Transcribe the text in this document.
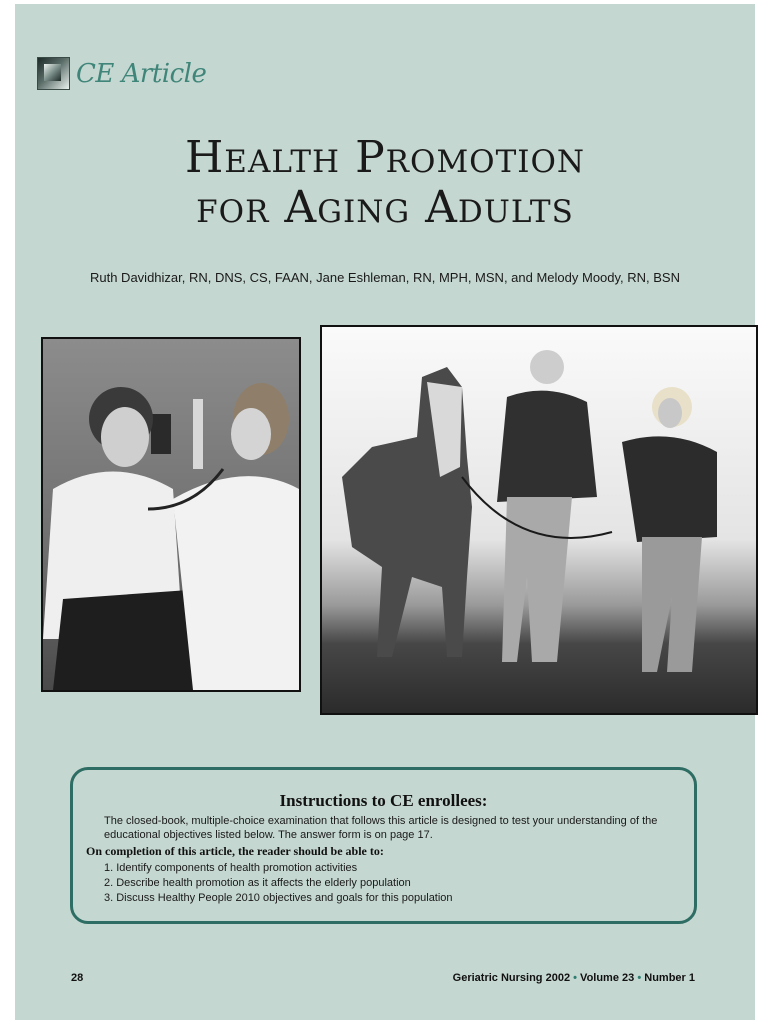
CE Article
Health Promotion
for Aging Adults
Ruth Davidhizar, RN, DNS, CS, FAAN, Jane Eshleman, RN, MPH, MSN, and Melody Moody, RN, BSN
Instructions to CE enrollees:
The closed-book, multiple-choice examination that follows this article is designed to test your understanding of the educational objectives listed below. The answer form is on page 17.
On completion of this article, the reader should be able to:
1. Identify components of health promotion activities
2. Describe health promotion as it affects the elderly population
3. Discuss Healthy People 2010 objectives and goals for this population
28	Geriatric Nursing 2002 • Volume 23 • Number 1
